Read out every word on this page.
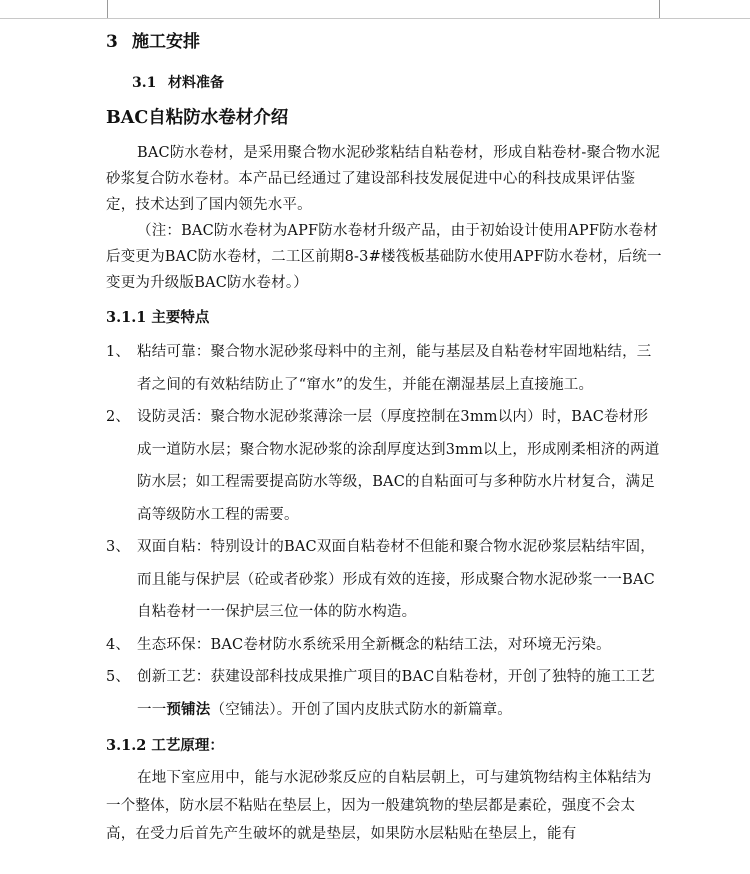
3 施工安排
3.1 材料准备
BAC自粘防水卷材介绍

BAC防水卷材，是采用聚合物水泥砂浆粘结自粘卷材，形成自粘卷材-聚合物水泥砂浆复合防水卷材。本产品已经通过了建设部科技发展促进中心的科技成果评估鉴定，技术达到了国内领先水平。

（注：BAC防水卷材为APF防水卷材升级产品，由于初始设计使用APF防水卷材后变更为BAC防水卷材，二工区前期8-3#楼筏板基础防水使用APF防水卷材，后统一变更为升级版BAC防水卷材。）

3.1.1 主要特点
1、 粘结可靠：聚合物水泥砂浆母料中的主剂，能与基层及自粘卷材牢固地粘结，三者之间的有效粘结防止了“窜水”的发生，并能在潮湿基层上直接施工。
2、 设防灵活：聚合物水泥砂浆薄涂一层（厚度控制在3mm以内）时，BAC卷材形成一道防水层；聚合物水泥砂浆的涂刮厚度达到3mm以上，形成刚柔相济的两道防水层；如工程需要提高防水等级，BAC的自粘面可与多种防水片材复合，满足高等级防水工程的需要。
3、 双面自粘：特别设计的BAC双面自粘卷材不但能和聚合物水泥砂浆层粘结牢固，而且能与保护层（砼或者砂浆）形成有效的连接，形成聚合物水泥砂浆一一BAC自粘卷材一一保护层三位一体的防水构造。
4、 生态环保：BAC卷材防水系统采用全新概念的粘结工法，对环境无污染。
5、 创新工艺：获建设部科技成果推广项目的BAC自粘卷材，开创了独特的施工工艺一一预铺法（空铺法）。开创了国内皮肤式防水的新篇章。
3.1.2 工艺原理：

在地下室应用中，能与水泥砂浆反应的自粘层朝上，可与建筑物结构主体粘结为一个整体，防水层不粘贴在垫层上，因为一般建筑物的垫层都是素砼，强度不会太高，在受力后首先产生破坏的就是垫层，如果防水层粘贴在垫层上，能有
